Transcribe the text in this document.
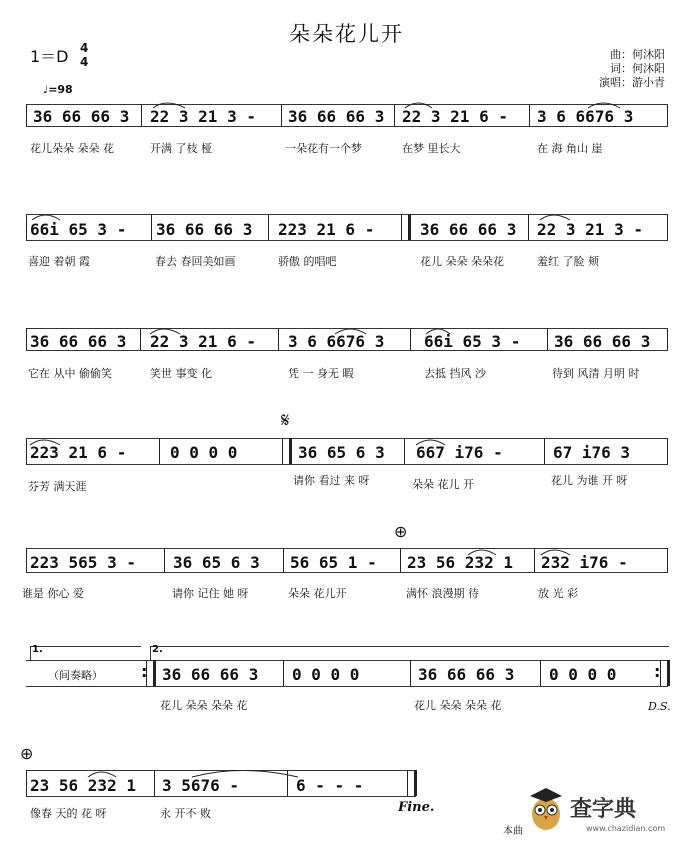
朵朵花儿开
曲：何沐阳
词：何沐阳
演唱：游小青
1＝D 4
4
♩=98
36 66 66 3 22 3 21 3 - 36 66 66 3 22 3 21 6 - 3 6 6676 3
花儿朵朵 朵朵 花	开满 了枝 桠	一朵花有一个梦	在梦 里长大	在 海 角山 崖
66i 65 3 - 36 66 66 3 223 21 6 -	36 66 66 3 22 3 21 3 -
喜迎 着朝 霞	春去 春回美如画	骄傲 的唱吧	花儿 朵朵 朵朵花	羞红 了脸 颊
36 66 66 3 22 3 21 6 - 3 6 6676 3 66i 65 3 - 36 66 66 3
它在 从中 偷偷笑	笑世 事变 化	凭 一 身无 暇	去抵 挡风 沙	待到 风清 月明 时
𝄋
223 21 6 -	0 0 0 0	36 65 6 3 667 i76 -	67 i76 3
芬芳 满天涯	请你 看过 来 呀	朵朵 花儿 开	花儿 为谁 开 呀
⊕
223 565 3 - 36 65 6 3 56 65 1 - 23 56 232 1 232 i76 -
谁是 你心 爱	请你 记住 她 呀	朵朵 花儿开	满怀 浪漫期 待	放 光 彩
1.	2.
（间奏略） :	:
36 66 66 3 0 0 0 0	36 66 66 3 0 0 0 0
花儿 朵朵 朵朵 花	花儿 朵朵 朵朵 花	D.S.
⊕
23 56 232 1 3 5676 -	6 - - -
像春 天的 花 呀	永 开不 败	Fine.
本曲
查字典
www.chazidian.com
